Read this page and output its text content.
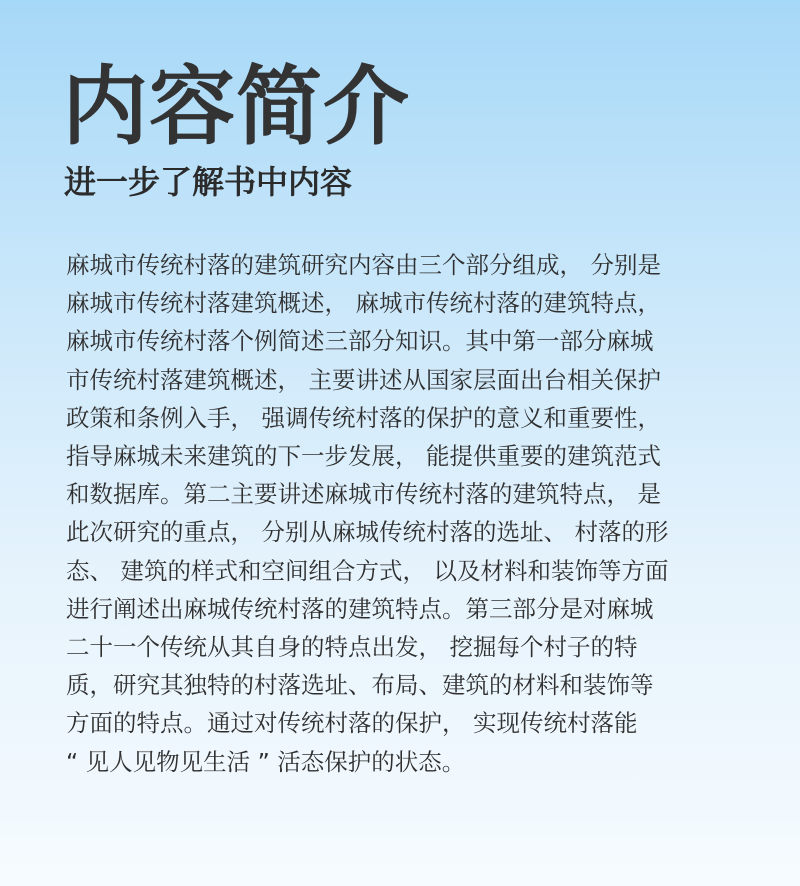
内容简介
进一步了解书中内容

麻城市传统村落的建筑研究内容由三个部分组成， 分别是
麻城市传统村落建筑概述， 麻城市传统村落的建筑特点，
麻城市传统村落个例简述三部分知识。其中第一部分麻城
市传统村落建筑概述， 主要讲述从国家层面出台相关保护
政策和条例入手， 强调传统村落的保护的意义和重要性，
指导麻城未来建筑的下一步发展， 能提供重要的建筑范式
和数据库。第二主要讲述麻城市传统村落的建筑特点， 是
此次研究的重点， 分别从麻城传统村落的选址、 村落的形
态、 建筑的样式和空间组合方式， 以及材料和装饰等方面
进行阐述出麻城传统村落的建筑特点。第三部分是对麻城
二十一个传统从其自身的特点出发， 挖掘每个村子的特
质，研究其独特的村落选址、布局、建筑的材料和装饰等
方面的特点。通过对传统村落的保护， 实现传统村落能
“ 见人见物见生活 ” 活态保护的状态。
